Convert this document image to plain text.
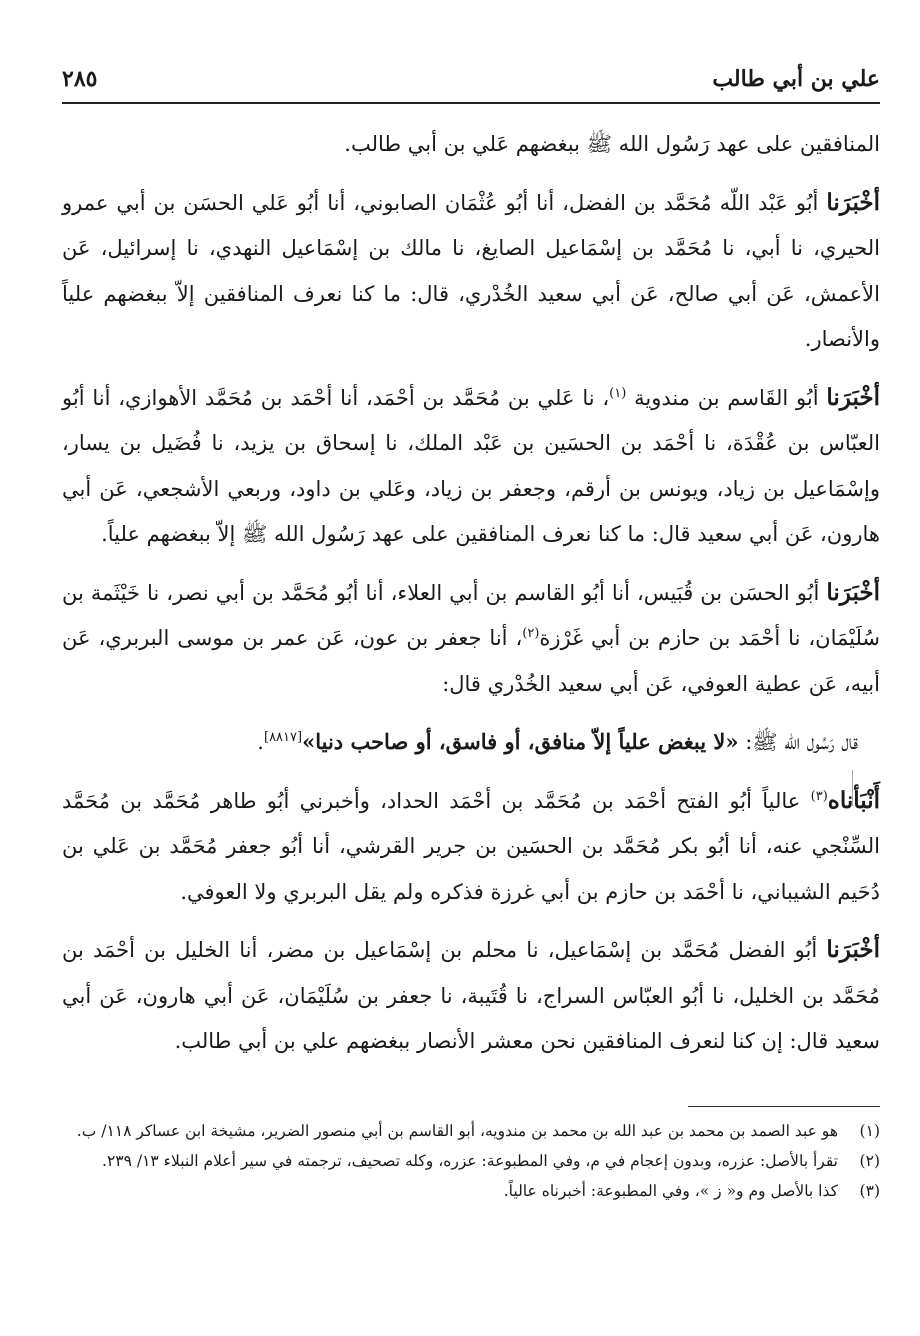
علي بن أبي طالب
٢٨٥

المنافقين على عهد رَسُول الله ﷺ ببغضهم عَلي بن أبي طالب.

أخْبَرَنا أبُو عَبْد اللّه مُحَمَّد بن الفضل، أنا أبُو عُثْمَان الصابوني، أنا أبُو عَلي الحسَن بن أبي عمرو الحيري، نا أبي، نا مُحَمَّد بن إسْمَاعيل الصايغ، نا مالك بن إسْمَاعيل النهدي، نا إسرائيل، عَن الأعمش، عَن أبي صالح، عَن أبي سعيد الخُدْري، قال: ما كنا نعرف المنافقين إلاّ ببغضهم علياً والأنصار.

أخْبَرَنا أبُو القَاسم بن مندوية $^{(١)}$، نا عَلي بن مُحَمَّد بن أحْمَد، أنا أحْمَد بن مُحَمَّد الأهوازي، أنا أبُو العبّاس بن عُقْدَة، نا أحْمَد بن الحسَين بن عَبْد الملك، نا إسحاق بن يزيد، نا فُضَيل بن يسار، وإسْمَاعيل بن زياد، ويونس بن أرقم، وجعفر بن زياد، وعَلي بن داود، وربعي الأشجعي، عَن أبي هارون، عَن أبي سعيد قال: ما كنا نعرف المنافقين على عهد رَسُول الله ﷺ إلاّ ببغضهم علياً.

أخْبَرَنا أبُو الحسَن بن قُبَيس، أنا أبُو القاسم بن أبي العلاء، أنا أبُو مُحَمَّد بن أبي نصر، نا خَيْثَمة بن سُلَيْمَان، نا أحْمَد بن حازم بن أبي غَرْزة$^{(٢)}$، أنا جعفر بن عون، عَن عمر بن موسى البربري، عَن أبيه، عَن عطية العوفي، عَن أبي سعيد الخُدْري قال:

قال رَسُول الله ﷺ: «لا يبغض علياً إلاّ منافق، أو فاسق، أو صاحب دنيا»[٨٨١٧].

أَنْبَأناه$^{(٣)}$ عالياً أبُو الفتح أحْمَد بن مُحَمَّد بن أحْمَد الحداد، وأخبرني أبُو طاهر مُحَمَّد بن مُحَمَّد السِّنْجي عنه، أنا أبُو بكر مُحَمَّد بن الحسَين بن جرير القرشي، أنا أبُو جعفر مُحَمَّد بن عَلي بن دُحَيم الشيباني، نا أحْمَد بن حازم بن أبي غرزة فذكره ولم يقل البربري ولا العوفي.

أخْبَرَنا أبُو الفضل مُحَمَّد بن إسْمَاعيل، نا محلم بن إسْمَاعيل بن مضر، أنا الخليل بن أحْمَد بن مُحَمَّد بن الخليل، نا أبُو العبّاس السراج، نا قُتَيبة، نا جعفر بن سُلَيْمَان، عَن أبي هارون، عَن أبي سعيد قال: إن كنا لنعرف المنافقين نحن معشر الأنصار ببغضهم علي بن أبي طالب.

(١)
هو عبد الصمد بن محمد بن عبد الله بن محمد بن مندويه، أبو القاسم بن أبي منصور الضرير، مشيخة ابن عساكر ١١٨/ ب.
(٢)
تقرأ بالأصل: عزره، وبدون إعجام في م، وفي المطبوعة: عزره، وكله تصحيف، ترجمته في سير أعلام النبلاء ١٣/ ٢٣٩.
(٣)
كذا بالأصل وم و« ز »، وفي المطبوعة: أخبرناه عالياً.
